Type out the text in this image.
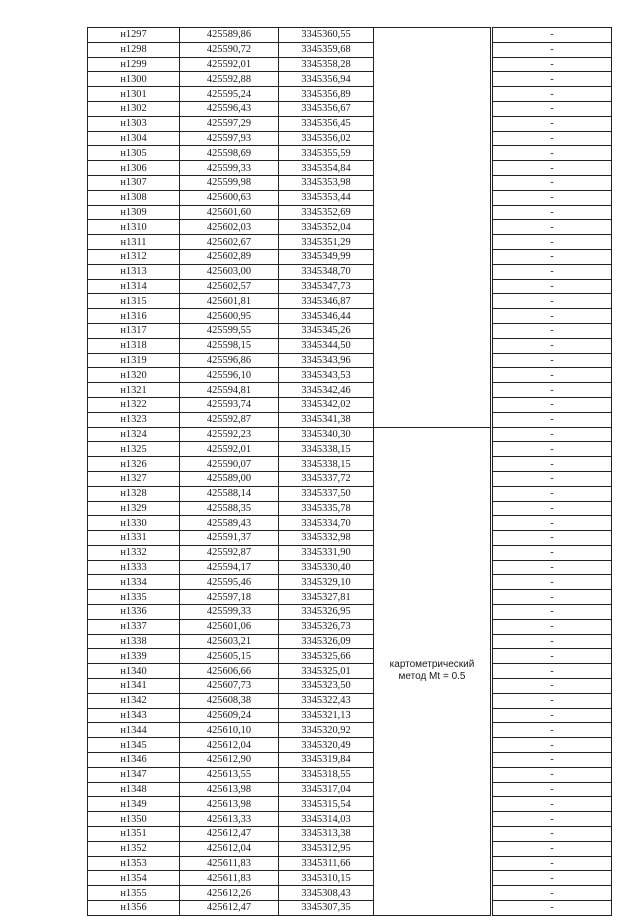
н1297	425589,86	3345360,55			-
н1298	425590,72	3345359,68			-
н1299	425592,01	3345358,28			-
н1300	425592,88	3345356,94			-
н1301	425595,24	3345356,89			-
н1302	425596,43	3345356,67			-
н1303	425597,29	3345356,45			-
н1304	425597,93	3345356,02			-
н1305	425598,69	3345355,59			-
н1306	425599,33	3345354,84			-
н1307	425599,98	3345353,98			-
н1308	425600,63	3345353,44			-
н1309	425601,60	3345352,69			-
н1310	425602,03	3345352,04			-
н1311	425602,67	3345351,29			-
н1312	425602,89	3345349,99			-
н1313	425603,00	3345348,70			-
н1314	425602,57	3345347,73			-
н1315	425601,81	3345346,87			-
н1316	425600,95	3345346,44			-
н1317	425599,55	3345345,26			-
н1318	425598,15	3345344,50			-
н1319	425596,86	3345343,96			-
н1320	425596,10	3345343,53			-
н1321	425594,81	3345342,46			-
н1322	425593,74	3345342,02			-
н1323	425592,87	3345341,38			-
н1324	425592,23	3345340,30	картометрический
метод Mt = 0.5		-
н1325	425592,01	3345338,15			-
н1326	425590,07	3345338,15			-
н1327	425589,00	3345337,72			-
н1328	425588,14	3345337,50			-
н1329	425588,35	3345335,78			-
н1330	425589,43	3345334,70			-
н1331	425591,37	3345332,98			-
н1332	425592,87	3345331,90			-
н1333	425594,17	3345330,40			-
н1334	425595,46	3345329,10			-
н1335	425597,18	3345327,81			-
н1336	425599,33	3345326,95			-
н1337	425601,06	3345326,73			-
н1338	425603,21	3345326,09			-
н1339	425605,15	3345325,66			-
н1340	425606,66	3345325,01			-
н1341	425607,73	3345323,50			-
н1342	425608,38	3345322,43			-
н1343	425609,24	3345321,13			-
н1344	425610,10	3345320,92			-
н1345	425612,04	3345320,49			-
н1346	425612,90	3345319,84			-
н1347	425613,55	3345318,55			-
н1348	425613,98	3345317,04			-
н1349	425613,98	3345315,54			-
н1350	425613,33	3345314,03			-
н1351	425612,47	3345313,38			-
н1352	425612,04	3345312,95			-
н1353	425611,83	3345311,66			-
н1354	425611,83	3345310,15			-
н1355	425612,26	3345308,43			-
н1356	425612,47	3345307,35			-
